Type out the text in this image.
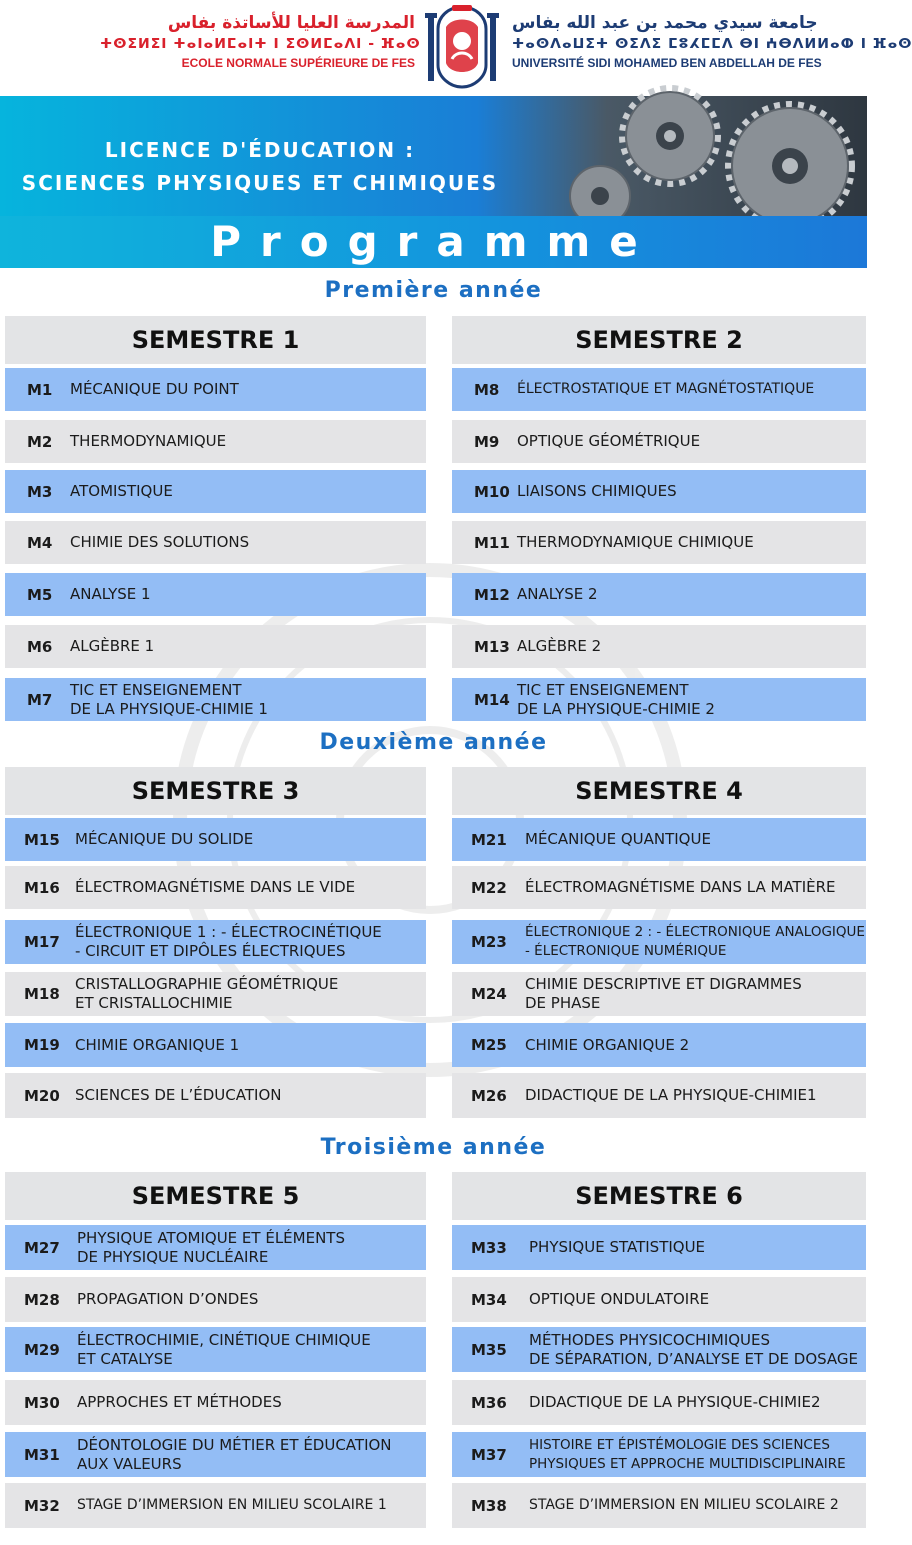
المدرسة العليا للأساتذة بفاس
ⵜⵙⵉⵍⵉⵏ ⵜⴰⵏⴰⵍⵎⴰⵏⵜ ⵏ ⵉⵙⵍⵎⴰⴷⵏ - ⴼⴰⵙ
ECOLE NORMALE SUPÉRIEURE DE FES
جامعة سيدي محمد بن عبد الله بفاس
ⵜⴰⵙⴷⴰⵡⵉⵜ ⵙⵉⴷⵉ ⵎⵓⵃⵎⵎⴷ ⴱⵏ ⵄⴱⴷⵍⵍⴰⵀ ⵏ ⴼⴰⵙ
UNIVERSITÉ SIDI MOHAMED BEN ABDELLAH DE FES
LICENCE D'ÉDUCATION :
SCIENCES PHYSIQUES ET CHIMIQUES
Programme
Première année
SEMESTRE 1
M1	MÉCANIQUE DU POINT
M2	THERMODYNAMIQUE
M3	ATOMISTIQUE
M4	CHIMIE DES SOLUTIONS
M5	ANALYSE 1
M6	ALGÈBRE 1
M7
TIC ET ENSEIGNEMENT
DE LA PHYSIQUE-CHIMIE 1
SEMESTRE 2
M8	ÉLECTROSTATIQUE ET MAGNÉTOSTATIQUE
M9	OPTIQUE GÉOMÉTRIQUE
M10 LIAISONS CHIMIQUES
M11 THERMODYNAMIQUE CHIMIQUE
M12 ANALYSE 2
M13 ALGÈBRE 2
M14
TIC ET ENSEIGNEMENT
DE LA PHYSIQUE-CHIMIE 2
Deuxième année
SEMESTRE 3
M15	MÉCANIQUE DU SOLIDE
M16	ÉLECTROMAGNÉTISME DANS LE VIDE
M17
ÉLECTRONIQUE 1 : - ÉLECTROCINÉTIQUE
- CIRCUIT ET DIPÔLES ÉLECTRIQUES
M18
CRISTALLOGRAPHIE GÉOMÉTRIQUE
ET CRISTALLOCHIMIE
M19	CHIMIE ORGANIQUE 1
M20	SCIENCES DE L’ÉDUCATION
SEMESTRE 4
M21	MÉCANIQUE QUANTIQUE
M22	ÉLECTROMAGNÉTISME DANS LA MATIÈRE
M23
ÉLECTRONIQUE 2 : - ÉLECTRONIQUE ANALOGIQUE
- ÉLECTRONIQUE NUMÉRIQUE
M24
CHIMIE DESCRIPTIVE ET DIGRAMMES
DE PHASE
M25	CHIMIE ORGANIQUE 2
M26	DIDACTIQUE DE LA PHYSIQUE-CHIMIE1
Troisième année
SEMESTRE 5
M27
PHYSIQUE ATOMIQUE ET ÉLÉMENTS
DE PHYSIQUE NUCLÉAIRE
M28	PROPAGATION D’ONDES
M29
ÉLECTROCHIMIE, CINÉTIQUE CHIMIQUE
ET CATALYSE
M30	APPROCHES ET MÉTHODES
M31
DÉONTOLOGIE DU MÉTIER ET ÉDUCATION
AUX VALEURS
M32	STAGE D’IMMERSION EN MILIEU SCOLAIRE 1
SEMESTRE 6
M33	PHYSIQUE STATISTIQUE
M34	OPTIQUE ONDULATOIRE
M35
MÉTHODES PHYSICOCHIMIQUES
DE SÉPARATION, D’ANALYSE ET DE DOSAGE
M36	DIDACTIQUE DE LA PHYSIQUE-CHIMIE2
M37
HISTOIRE ET ÉPISTÉMOLOGIE DES SCIENCES
PHYSIQUES ET APPROCHE MULTIDISCIPLINAIRE
M38	STAGE D’IMMERSION EN MILIEU SCOLAIRE 2
